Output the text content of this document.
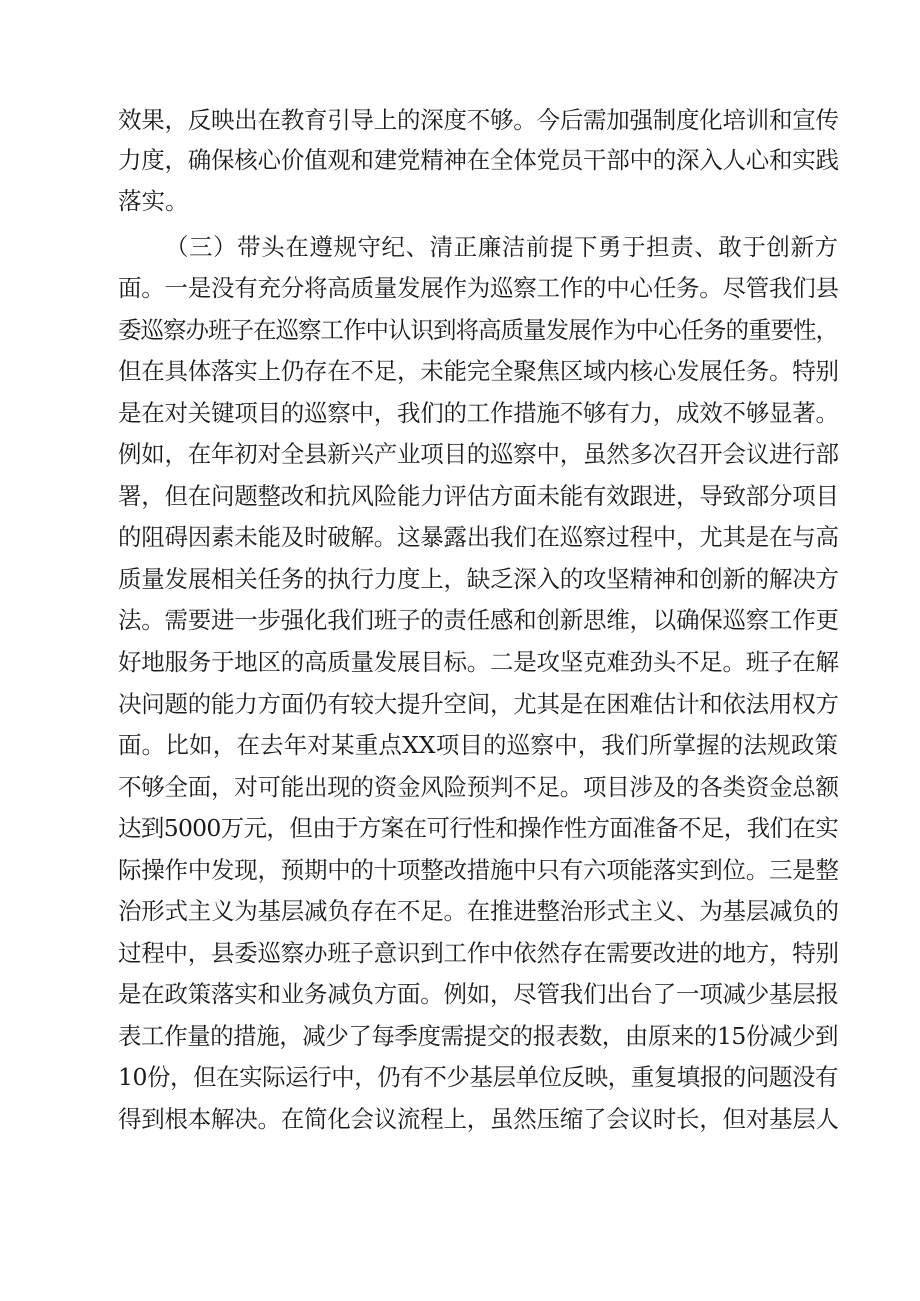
效果，反映出在教育引导上的深度不够。今后需加强制度化培训和宣传
力度，确保核心价值观和建党精神在全体党员干部中的深入人心和实践
落实。
（三）带头在遵规守纪、清正廉洁前提下勇于担责、敢于创新方
面。一是没有充分将高质量发展作为巡察工作的中心任务。尽管我们县
委巡察办班子在巡察工作中认识到将高质量发展作为中心任务的重要性，
但在具体落实上仍存在不足，未能完全聚焦区域内核心发展任务。特别
是在对关键项目的巡察中，我们的工作措施不够有力，成效不够显著。
例如，在年初对全县新兴产业项目的巡察中，虽然多次召开会议进行部
署，但在问题整改和抗风险能力评估方面未能有效跟进，导致部分项目
的阻碍因素未能及时破解。这暴露出我们在巡察过程中，尤其是在与高
质量发展相关任务的执行力度上，缺乏深入的攻坚精神和创新的解决方
法。需要进一步强化我们班子的责任感和创新思维，以确保巡察工作更
好地服务于地区的高质量发展目标。二是攻坚克难劲头不足。班子在解
决问题的能力方面仍有较大提升空间，尤其是在困难估计和依法用权方
面。比如，在去年对某重点XX项目的巡察中，我们所掌握的法规政策
不够全面，对可能出现的资金风险预判不足。项目涉及的各类资金总额
达到5000万元，但由于方案在可行性和操作性方面准备不足，我们在实
际操作中发现，预期中的十项整改措施中只有六项能落实到位。三是整
治形式主义为基层减负存在不足。在推进整治形式主义、为基层减负的
过程中，县委巡察办班子意识到工作中依然存在需要改进的地方，特别
是在政策落实和业务减负方面。例如，尽管我们出台了一项减少基层报
表工作量的措施，减少了每季度需提交的报表数，由原来的15份减少到
10份，但在实际运行中，仍有不少基层单位反映，重复填报的问题没有
得到根本解决。在简化会议流程上，虽然压缩了会议时长，但对基层人
